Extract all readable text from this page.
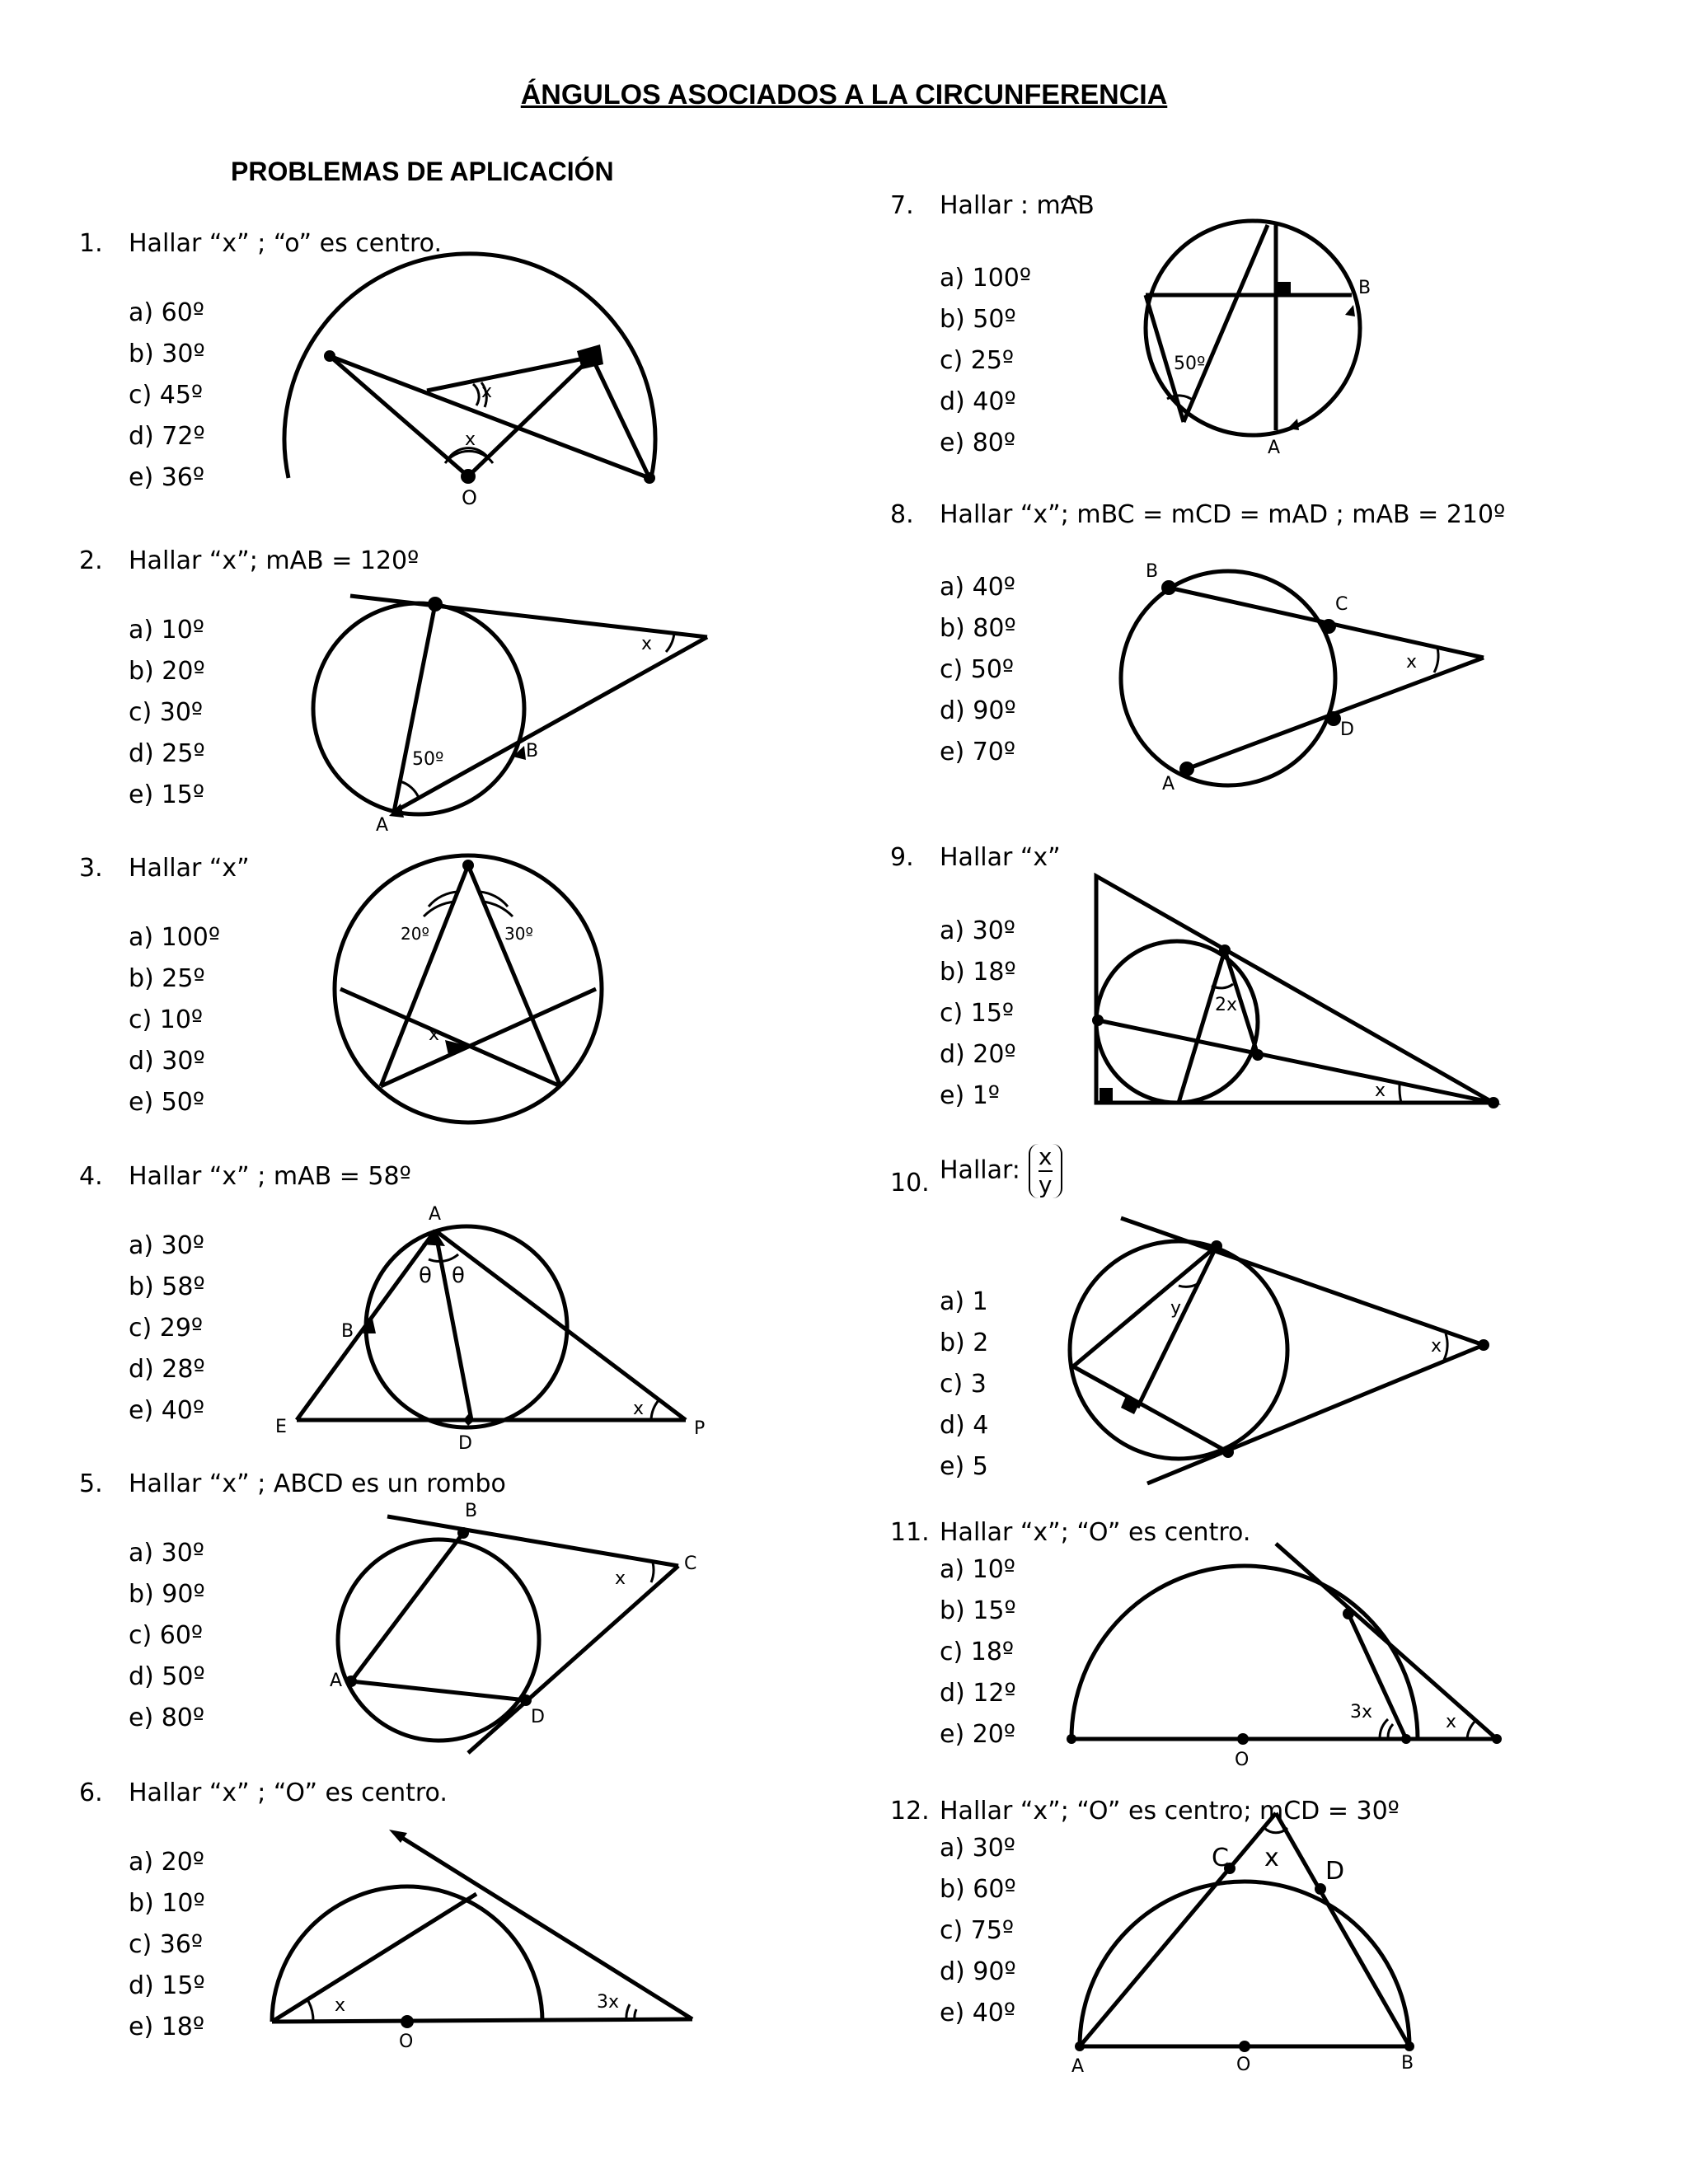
ÁNGULOS ASOCIADOS A LA CIRCUNFERENCIA
PROBLEMAS DE APLICACIÓN
1. Hallar “x” ; “o” es centro.
a) 60º
b) 30º
c) 45º
d) 72º
e) 36º
x
x
O
2. Hallar “x”; mAB = 120º
a) 10º
b) 20º
c) 30º
d) 25º
e) 15º
x
50º
A
B
3. Hallar “x”
a) 100º
b) 25º
c) 10º
d) 30º
e) 50º
20º	30º
x
4. Hallar “x” ; mAB = 58º
a) 30º
b) 58º
c) 29º
d) 28º
e) 40º
A
B
E
D
P
x
θ θ
5. Hallar “x” ; ABCD es un rombo
a) 30º
b) 90º
c) 60º
d) 50º
e) 80º
B
C
A
D
x
6. Hallar “x” ; “O” es centro.
a) 20º
b) 10º
c) 36º
d) 15º
e) 18º
x	3x
O
7. Hallar : mAB
a) 100º
b) 50º
c) 25º
d) 40º
e) 80º
50º
A
B
8. Hallar “x”; mBC = mCD = mAD ; mAB = 210º
a) 40º
b) 80º
c) 50º
d) 90º
e) 70º
B
C
D
A
x
9. Hallar “x”
a) 30º
b) 18º
c) 15º
d) 20º
e) 1º
2x
x
10. Hallar: $\frac{x}{y}$
a) 1
b) 2
c) 3
d) 4
e) 5
y
x
11. Hallar “x”; “O” es centro.
a) 10º
b) 15º
c) 18º
d) 12º
e) 20º
3x	x
O
12. Hallar “x”; “O” es centro; mCD = 30º
a) 30º
b) 60º
c) 75º
d) 90º
e) 40º
A	B
O
C	D
x
